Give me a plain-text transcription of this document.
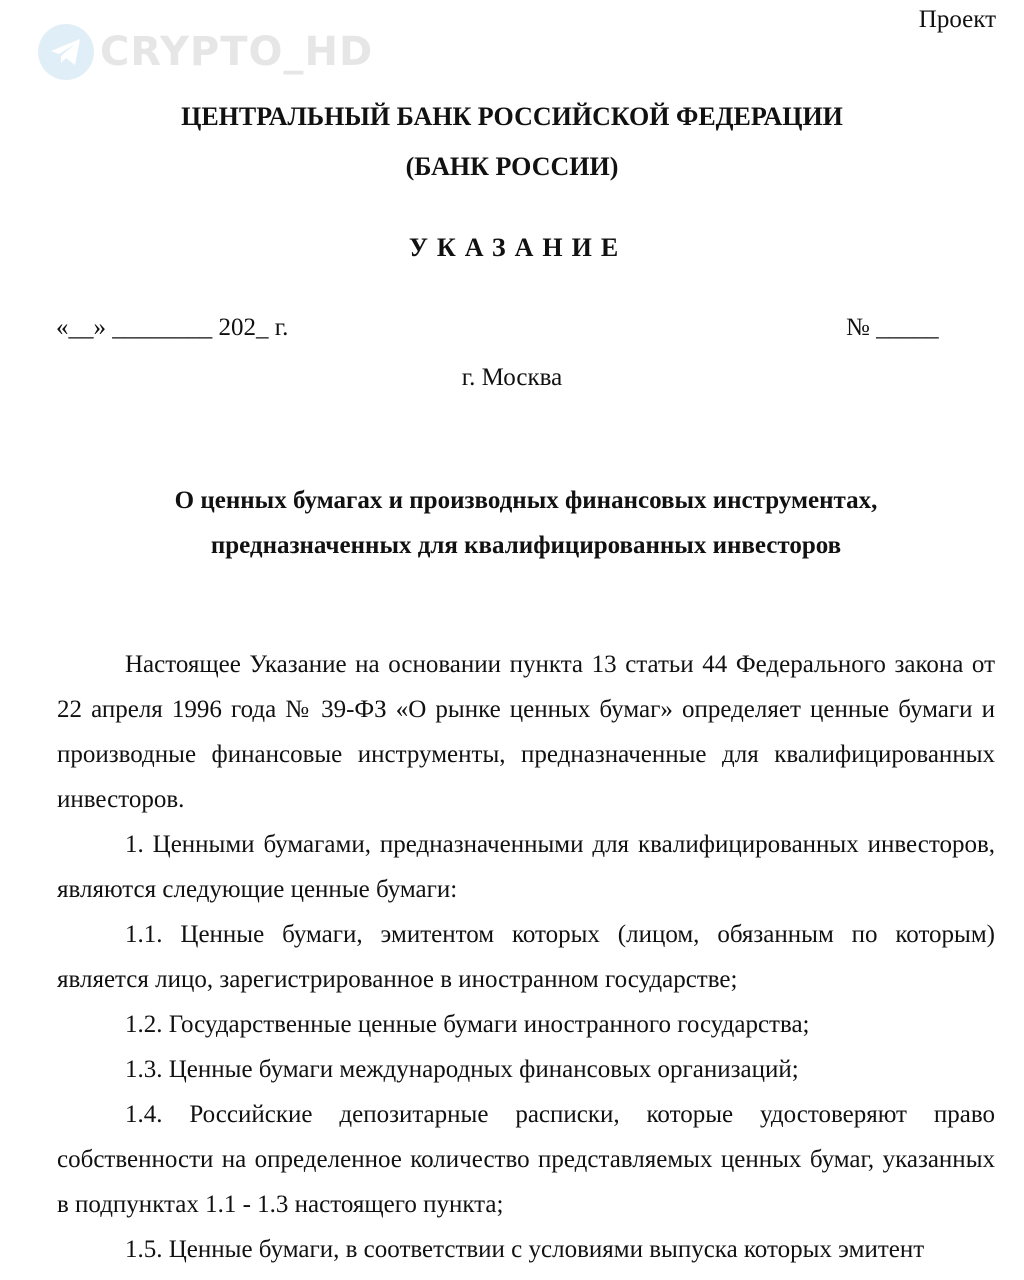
CRYPTO_HD
Проект
ЦЕНТРАЛЬНЫЙ БАНК РОССИЙСКОЙ ФЕДЕРАЦИИ
(БАНК РОССИИ)
УКАЗАНИЕ
«__» ________ 202_ г.	№ _____
г. Москва
О ценных бумагах и производных финансовых инструментах,
предназначенных для квалифицированных инвесторов

Настоящее Указание на основании пункта 13 статьи 44 Федерального закона от 22 апреля 1996 года № 39-ФЗ «О рынке ценных бумаг» определяет ценные бумаги и производные финансовые инструменты, предназначенные для квалифицированных инвесторов.

1. Ценными бумагами, предназначенными для квалифицированных инвесторов, являются следующие ценные бумаги:

1.1. Ценные бумаги, эмитентом которых (лицом, обязанным по которым) является лицо, зарегистрированное в иностранном государстве;

1.2. Государственные ценные бумаги иностранного государства;

1.3. Ценные бумаги международных финансовых организаций;

1.4. Российские депозитарные расписки, которые удостоверяют право собственности на определенное количество представляемых ценных бумаг, указанных в подпунктах 1.1 - 1.3 настоящего пункта;

1.5. Ценные бумаги, в соответствии с условиями выпуска которых эмитент
